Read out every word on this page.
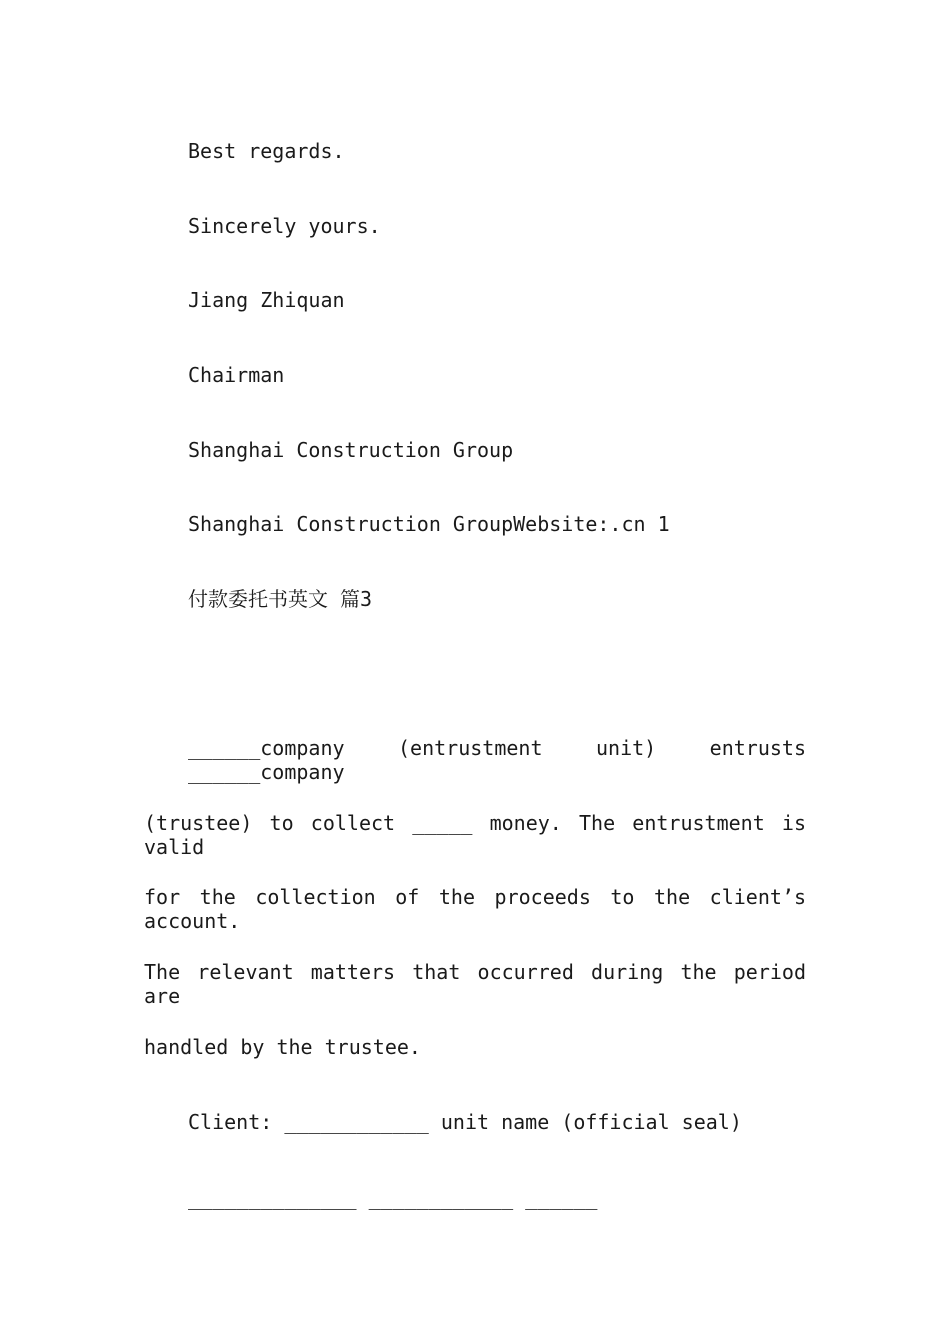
Best regards.
Sincerely yours.
Jiang Zhiquan
Chairman
Shanghai Construction Group
Shanghai Construction GroupWebsite:.cn 1
付款委托书英文 篇3
______company (entrustment unit) entrusts ______company
(trustee) to collect _____ money. The entrustment is valid
for the collection of the proceeds to the client’s account.
The relevant matters that occurred during the period are
handled by the trustee.
Client: ____________ unit name (official seal)
______________ ____________ ______
